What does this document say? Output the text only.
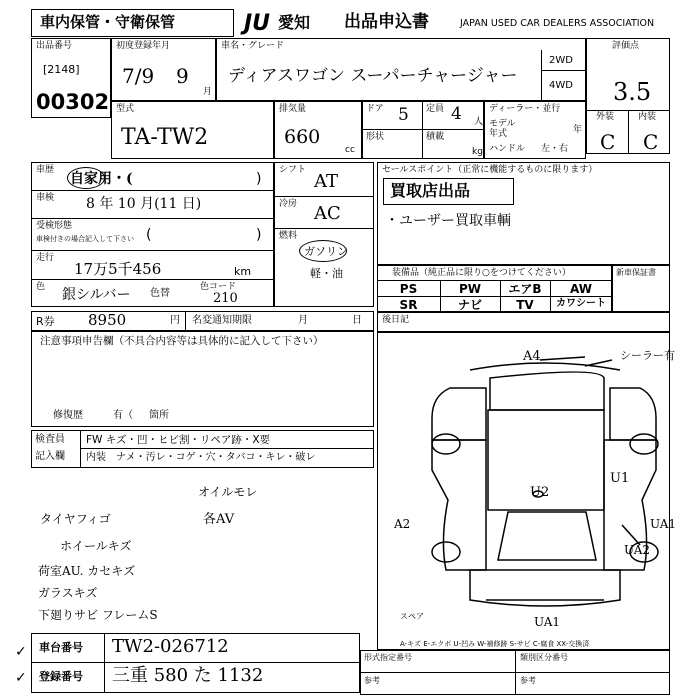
車内保管・守衛保管	JU 愛知 出品申込書	JAPAN USED CAR DEALERS ASSOCIATION
出品番号
[2148]
00302
初度登録年月
7/9 9
月
車名・グレード
ディアスワゴン スーパーチャージャー
2WD
4WD
評価点
3.5
外装	内装
C C
型式
TA-TW2
排気量
660
cc
ドア 5 定員 4 人
形状	積載
kg
ディーラー・並行
モデル
年式	年
ハンドル 左・右
車歴
自家用・(	)
車検 8 年 10 月(11 日)
受検形態
車検付きの場合記入して下さい (	)
走行
17万5千456	km
色 銀シルバー 色替
色コード
210
シフト
AT
冷房 AC
燃料
ガソリン
軽・油
セールスポイント（正常に機能するものに限ります）
買取店出品
・ユーザー買取車輌
装備品（純正品に限り○をつけてください）
PS	PW	エアB	AW
SR	ナビ	TV	カワシート
新車保証書
R券 8950	円 名変通知期限	月	日 後日記
注意事項申告欄（不具合内容等は具体的に記入して下さい）
修復歴	有（ 箇所
検査員
記入欄
FW キズ・凹・ヒビ割・リペア跡・X要
内装 ナメ・汚レ・コゲ・穴・タバコ・キレ・破レ
オイルモレ
タイヤフィゴ	各AV
ホイールキズ
荷室AU. カセキズ
ガラスキズ
下廻りサビ フレームS
A4	シーラー有
U2
U1
A2	UA1
UA2
UA1
スペア
A-キズ E-エクボ U-凹み W-補修跡 S-サビ C-腐食 XX-交換済
✓
✓
車台番号 TW2-026712
登録番号 三重 580 た 1132
形式指定番号
参考
類別区分番号
参考
